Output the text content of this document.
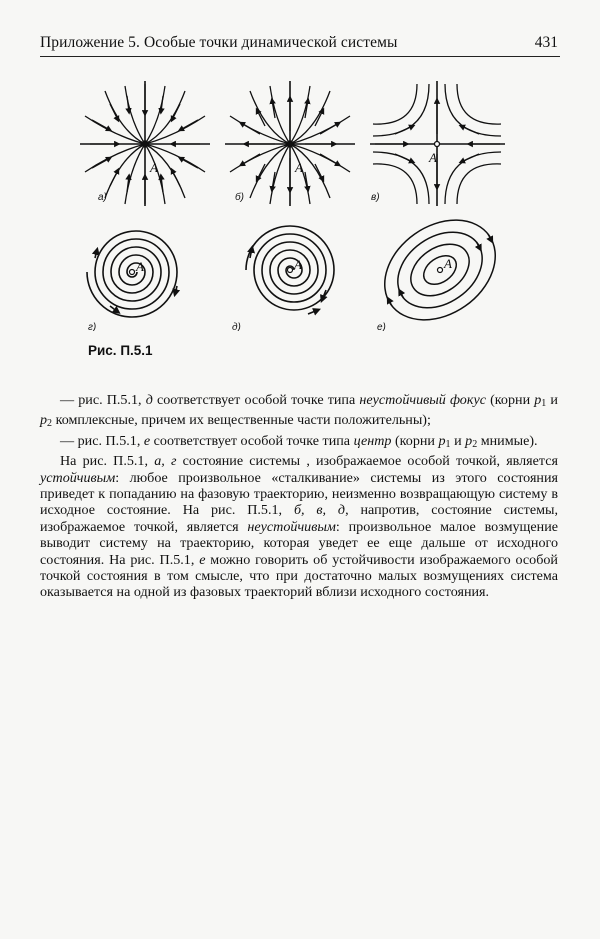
Приложение 5. Особые точки динамической системы	431
A
а)
A
б)
A
в)
A
г)
A
д)
A
е)
Рис. П.5.1

— рис. П.5.1, д соответствует особой точке типа неустойчивый фокус (корни $p_1$ и $p_2$ комплексные, причем их вещественные части положительны);

— рис. П.5.1, е соответствует особой точке типа центр (корни $p_1$ и $p_2$ мнимые).

На рис. П.5.1, а, г состояние системы , изображаемое особой точкой, является устойчивым: любое произвольное «сталкивание» системы из этого состояния приведет к попаданию на фазовую траекторию, неизменно возвращающую систему в исходное состояние. На рис. П.5.1, б, в, д, напротив, состояние системы, изображаемое точкой, является неустойчивым: произвольное малое возмущение выводит систему на траекторию, которая уведет ее еще дальше от исходного состояния. На рис. П.5.1, е можно говорить об устойчивости изображаемого особой точкой состояния в том смысле, что при достаточно малых возмущениях система оказывается на одной из фазовых траекторий вблизи исходного состояния.
